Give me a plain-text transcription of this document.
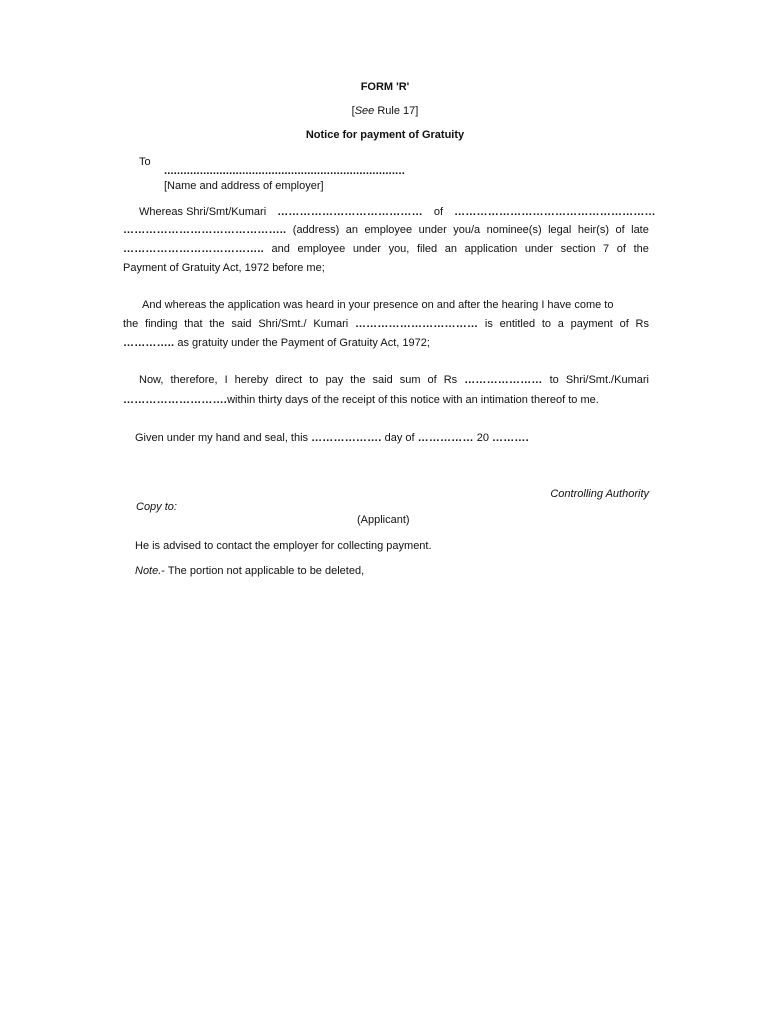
FORM 'R'
[See Rule 17]
Notice for payment of Gratuity
To
..........................................................................
[Name and address of employer]
Whereas Shri/Smt/Kumari ………………………………… of ………………………………………………
…………………………………….. (address) an employee under you/a nominee(s) legal heir(s) of late
……………………………….. and employee under you, filed an application under section 7 of the
Payment of Gratuity Act, 1972 before me;
And whereas the application was heard in your presence on and after the hearing I have come to
the finding that the said Shri/Smt./ Kumari …………………………… is entitled to a payment of Rs
………….. as gratuity under the Payment of Gratuity Act, 1972;
Now, therefore, I hereby direct to pay the said sum of Rs ………………… to Shri/Smt./Kumari
……………………….within thirty days of the receipt of this notice with an intimation thereof to me.
Given under my hand and seal, this ………………. day of …………… 20 ……….
Controlling Authority
Copy to:
(Applicant)
He is advised to contact the employer for collecting payment.
Note.- The portion not applicable to be deleted,
